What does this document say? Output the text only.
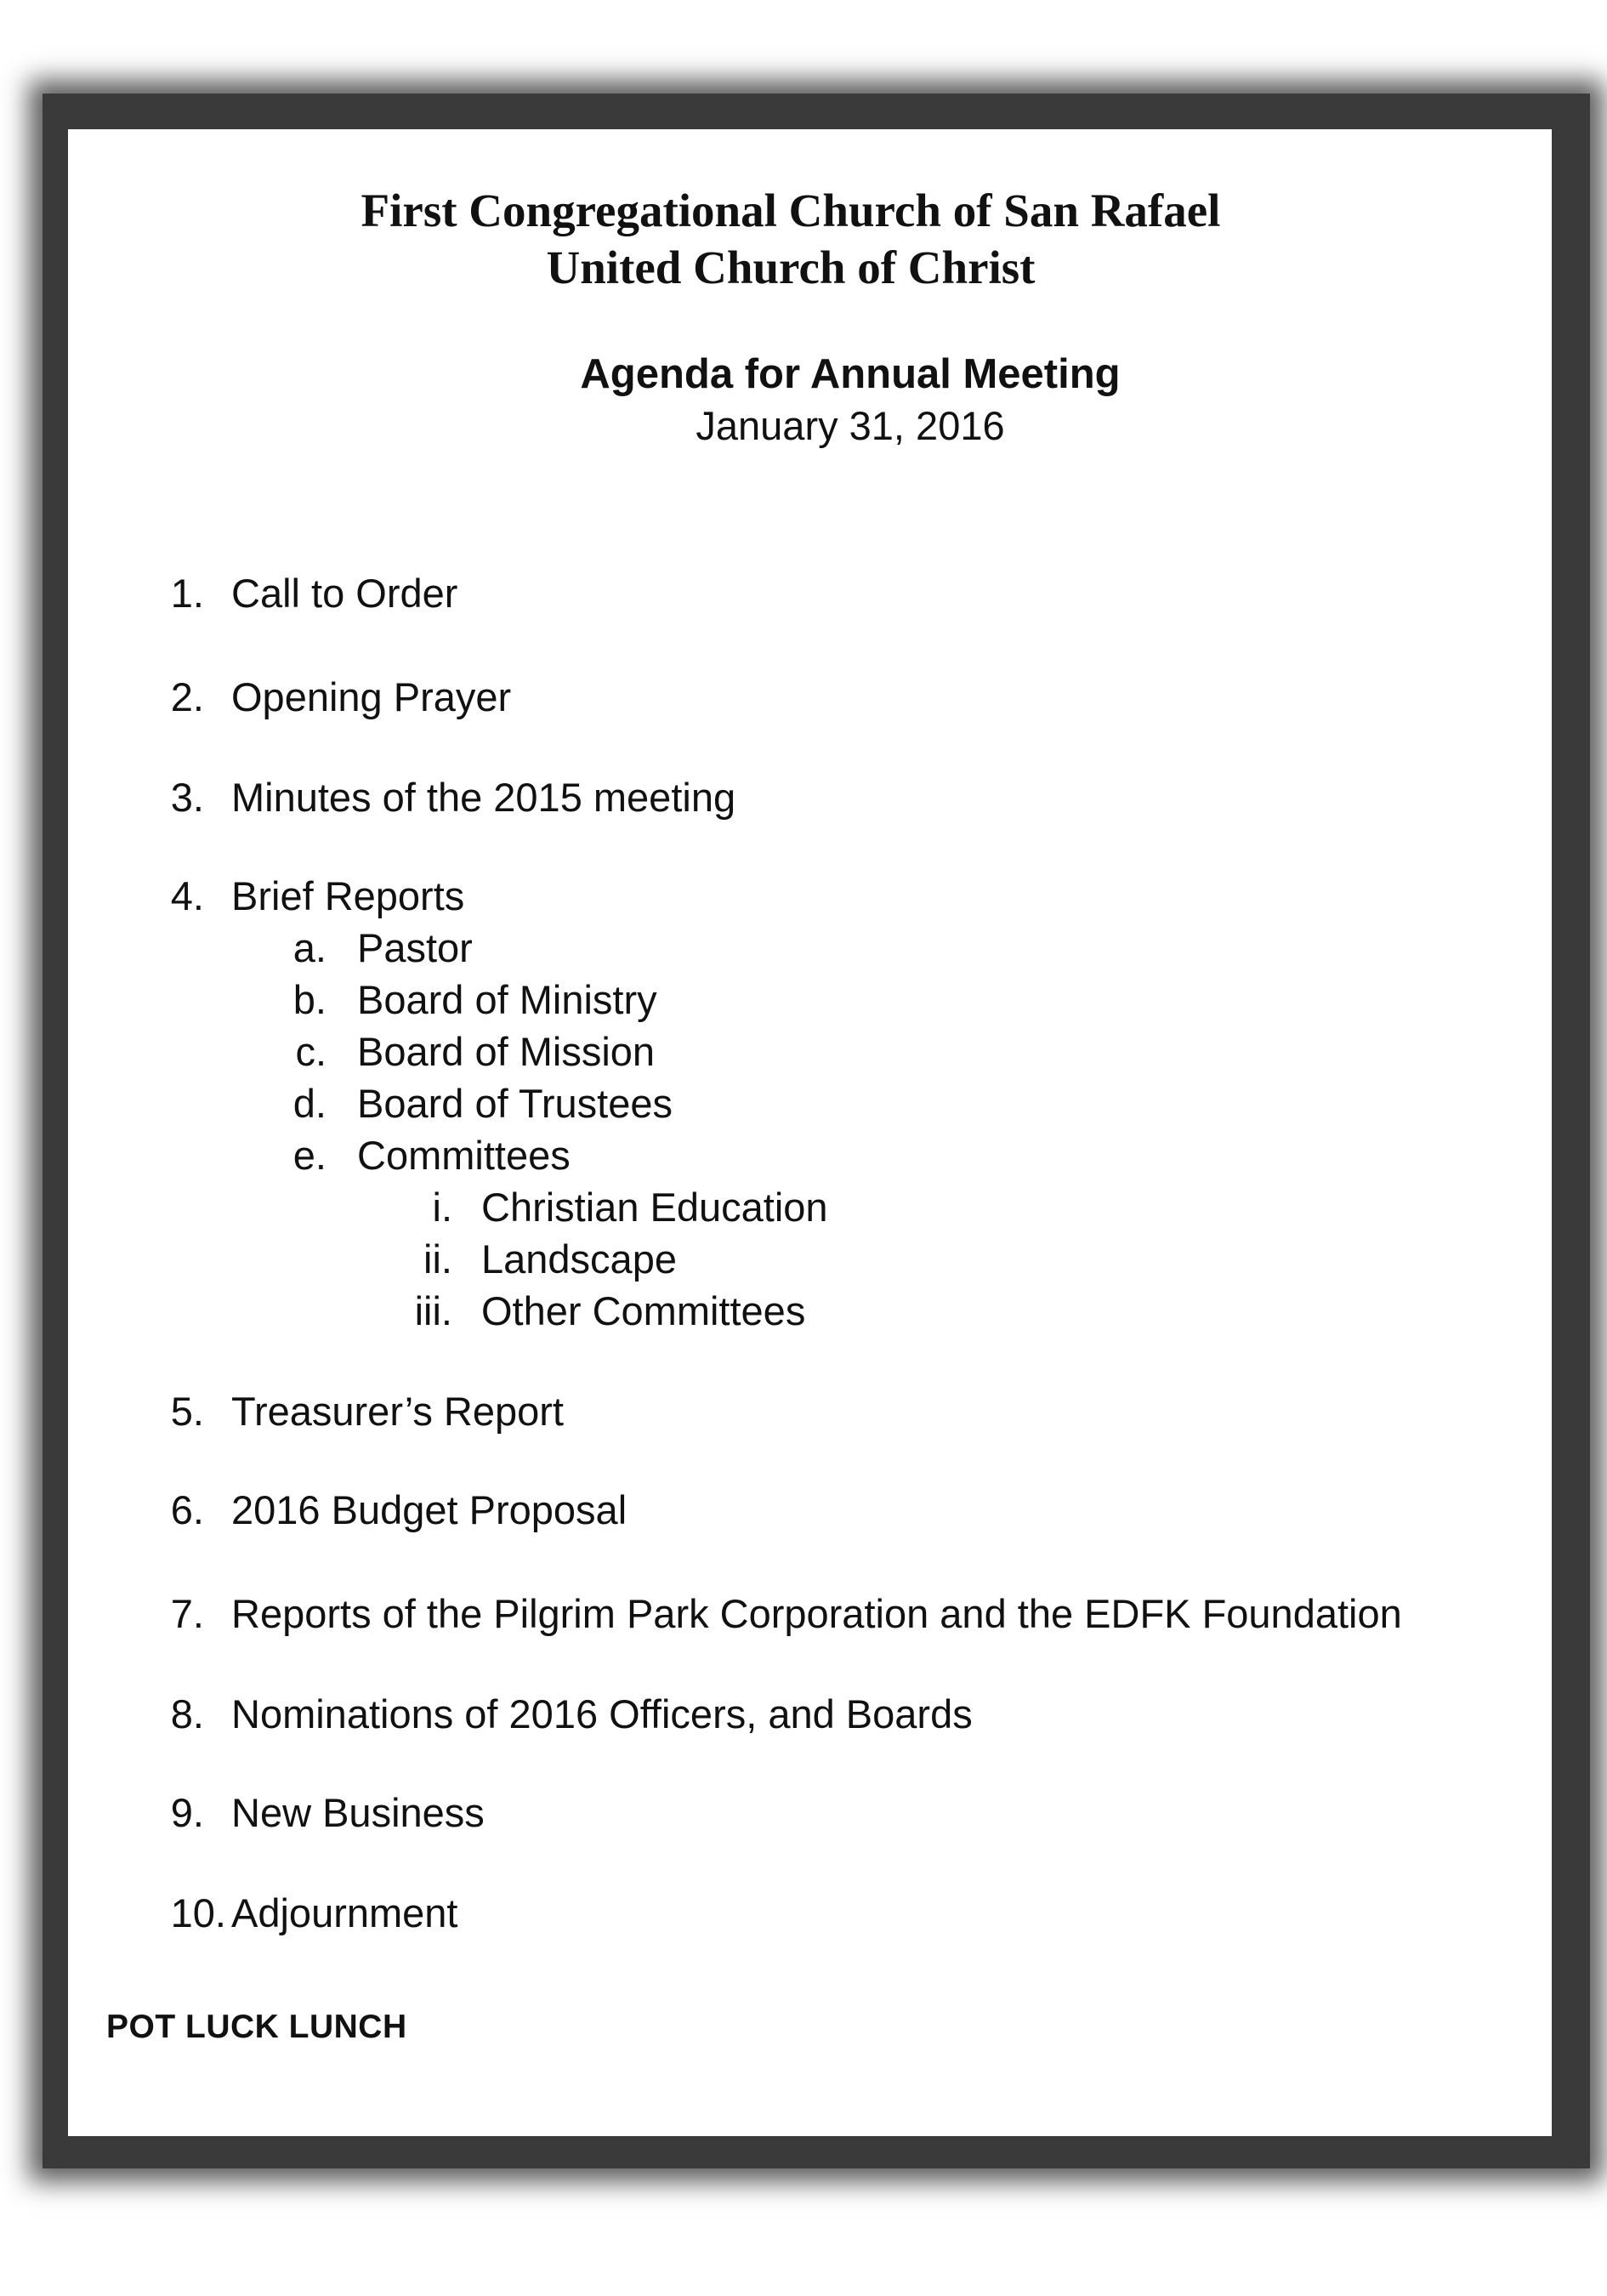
First Congregational Church of San Rafael
United Church of Christ
Agenda for Annual Meeting
January 31, 2016
1. Call to Order
2. Opening Prayer
3. Minutes of the 2015 meeting
4. Brief Reports
a. Pastor
b. Board of Ministry
c. Board of Mission
d. Board of Trustees
e. Committees
i. Christian Education
ii. Landscape
iii. Other Committees
5. Treasurer’s Report
6. 2016 Budget Proposal
7. Reports of the Pilgrim Park Corporation and the EDFK Foundation
8. Nominations of 2016 Officers, and Boards
9. New Business
10. Adjournment
POT LUCK LUNCH
